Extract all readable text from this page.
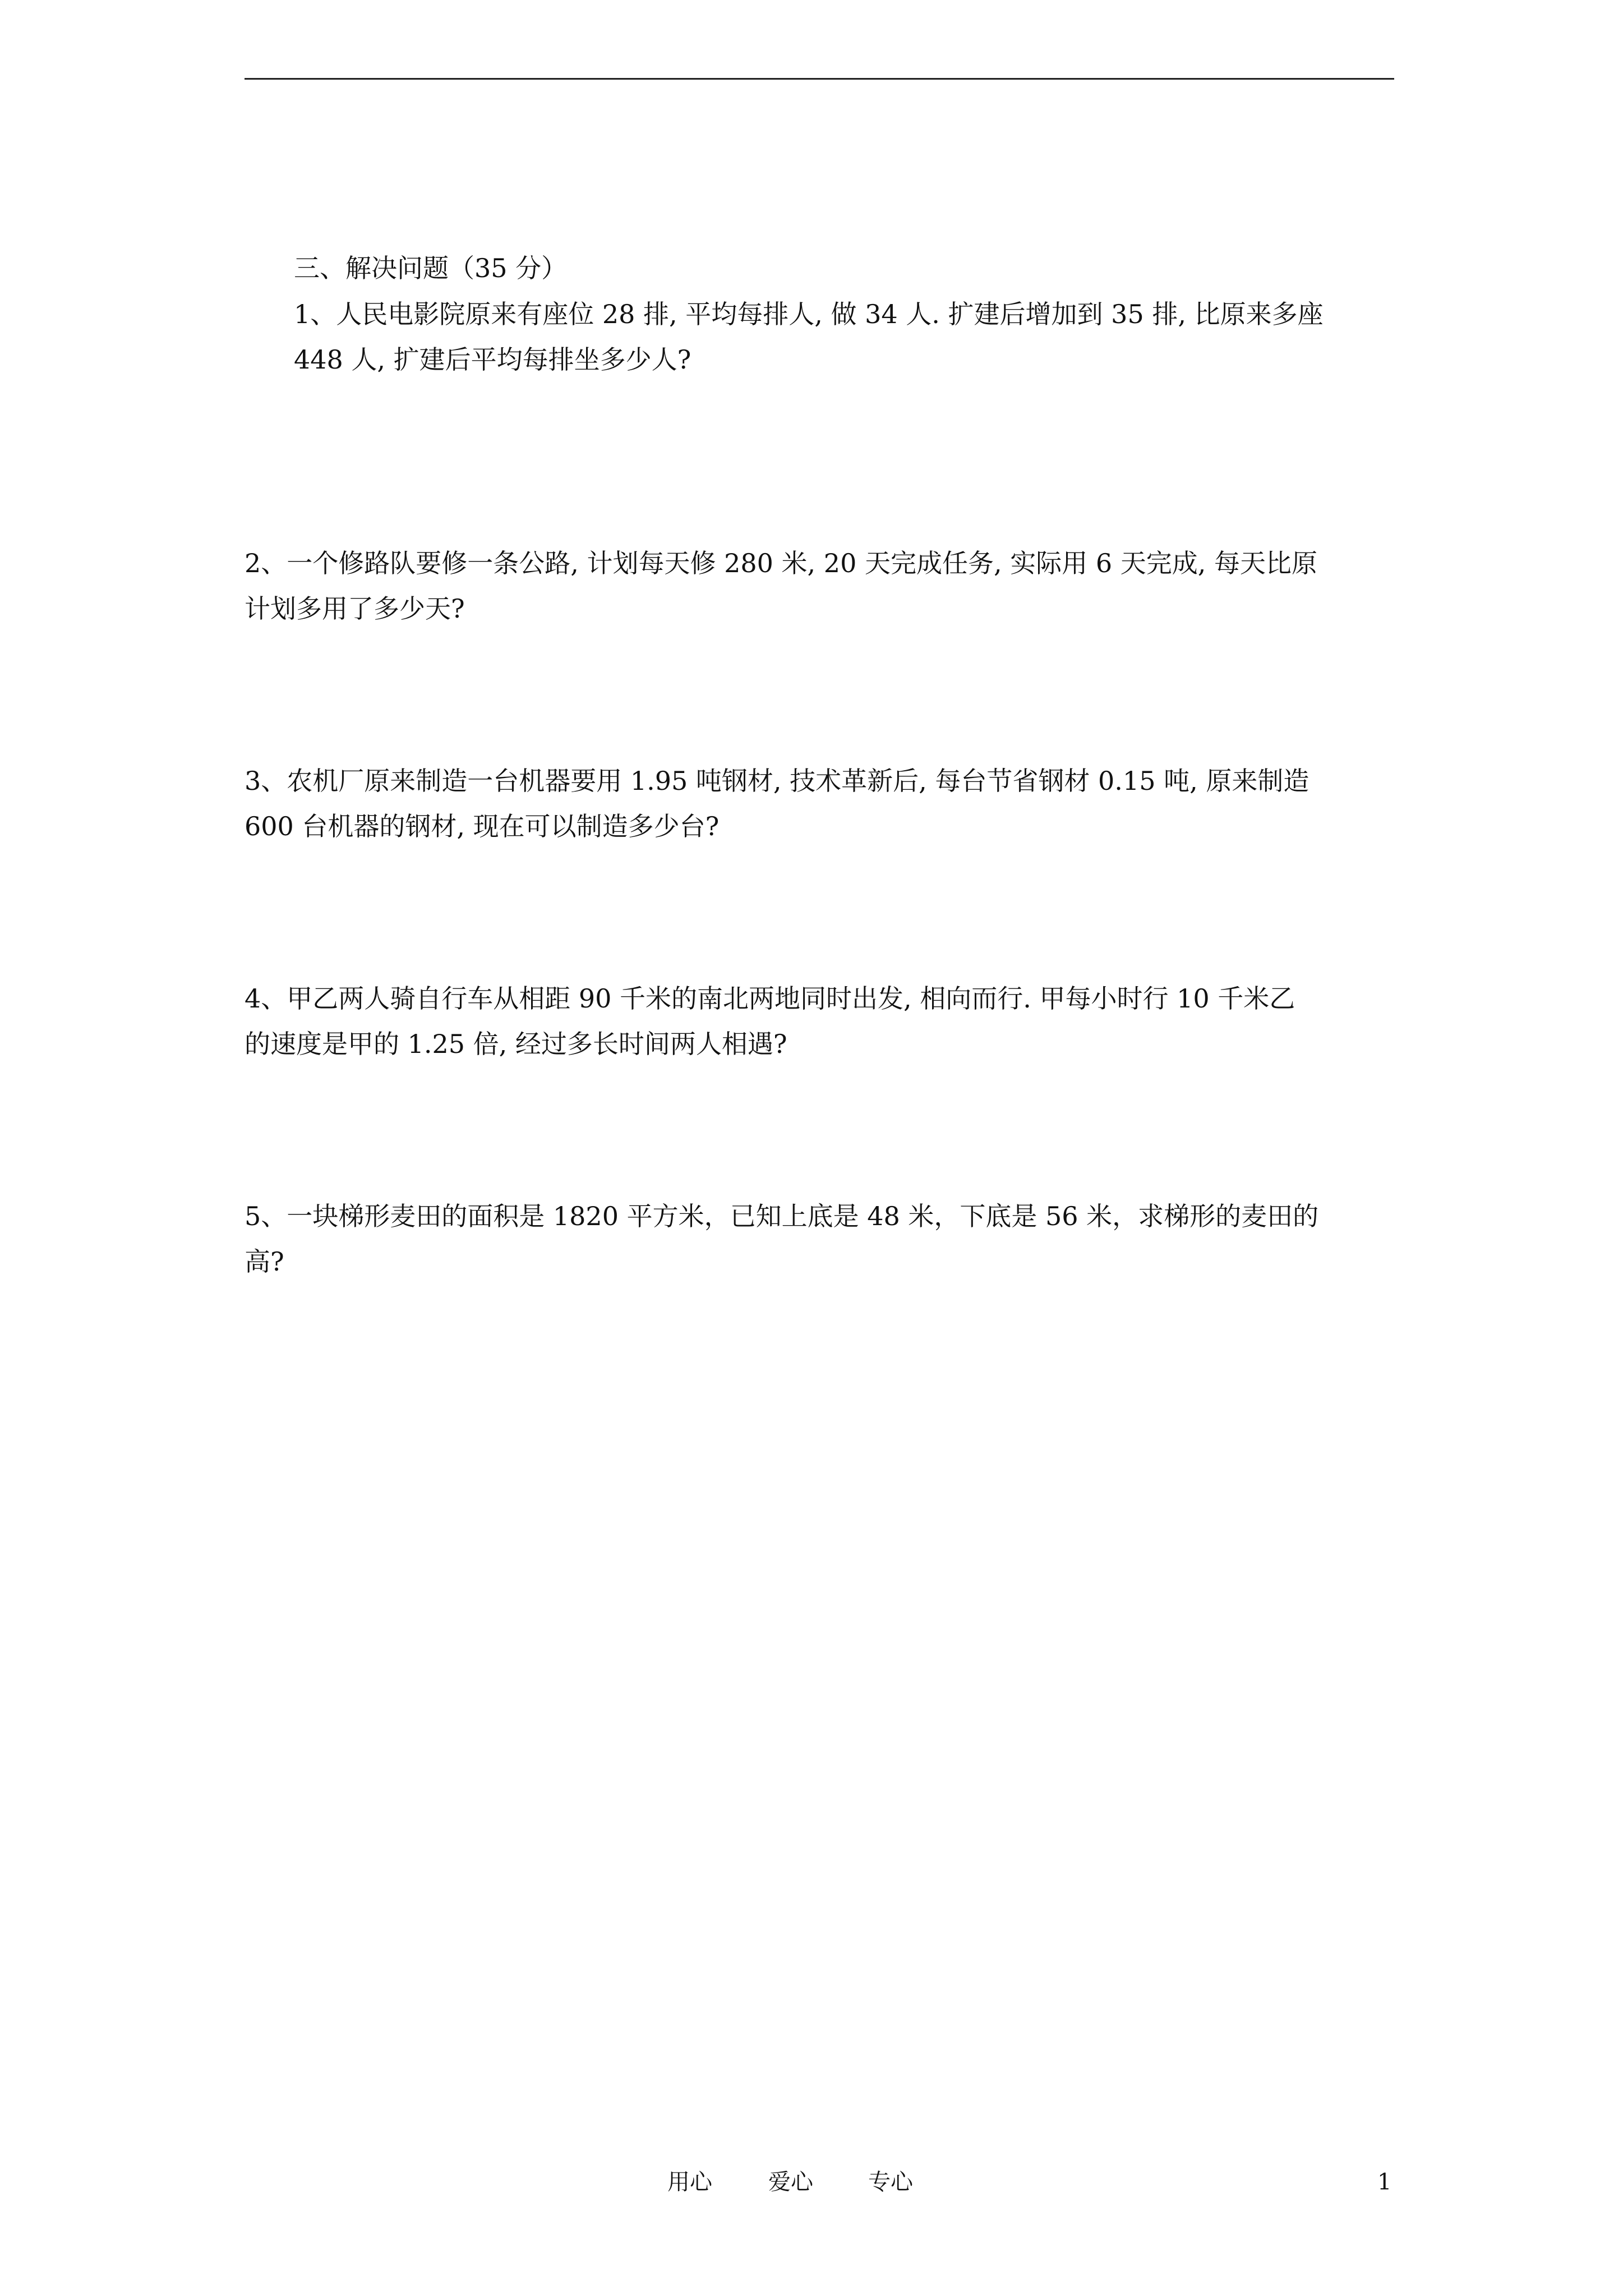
三、解决问题（35 分）
1、人民电影院原来有座位 28 排, 平均每排人, 做 34 人. 扩建后增加到 35 排, 比原来多座
448 人, 扩建后平均每排坐多少人?
2、一个修路队要修一条公路, 计划每天修 280 米, 20 天完成任务, 实际用 6 天完成, 每天比原
计划多用了多少天?
3、农机厂原来制造一台机器要用 1.95 吨钢材, 技术革新后, 每台节省钢材 0.15 吨, 原来制造
600 台机器的钢材, 现在可以制造多少台?
4、甲乙两人骑自行车从相距 90 千米的南北两地同时出发, 相向而行. 甲每小时行 10 千米乙
的速度是甲的 1.25 倍, 经过多长时间两人相遇?
5、一块梯形麦田的面积是 1820 平方米，已知上底是 48 米，下底是 56 米，求梯形的麦田的
高?
用心	爱心 专心	1
